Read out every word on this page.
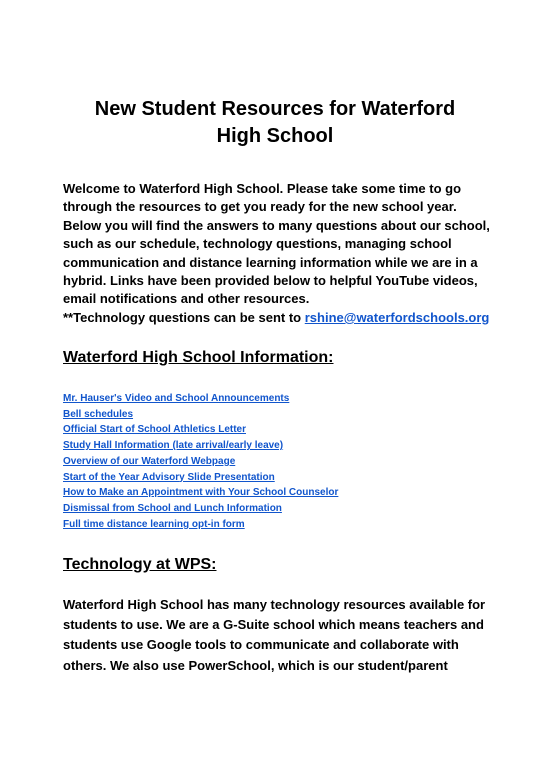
New Student Resources for Waterford
High School

Welcome to Waterford High School. Please take some time to go
through the resources to get you ready for the new school year.
Below you will find the answers to many questions about our school,
such as our schedule, technology questions, managing school
communication and distance learning information while we are in a
hybrid. Links have been provided below to helpful YouTube videos,
email notifications and other resources.
**Technology questions can be sent to rshine@waterfordschools.org

Waterford High School Information:
Mr. Hauser's Video and School Announcements
Bell schedules
Official Start of School Athletics Letter
Study Hall Information (late arrival/early leave)
Overview of our Waterford Webpage
Start of the Year Advisory Slide Presentation
How to Make an Appointment with Your School Counselor
Dismissal from School and Lunch Information
Full time distance learning opt-in form
Technology at WPS:

Waterford High School has many technology resources available for
students to use. We are a G-Suite school which means teachers and
students use Google tools to communicate and collaborate with
others. We also use PowerSchool, which is our student/parent
